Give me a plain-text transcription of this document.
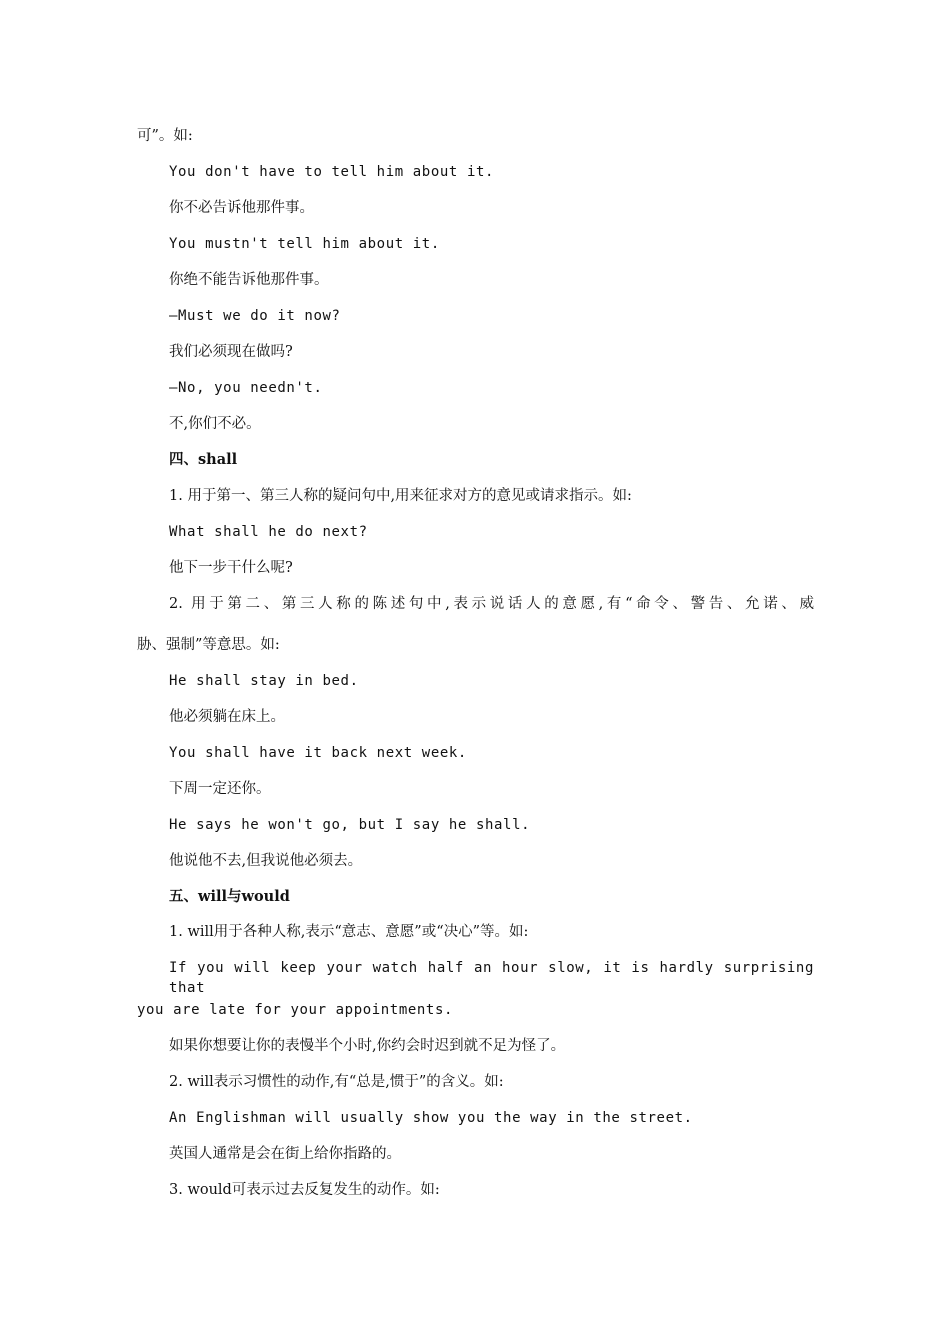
可”。如:
You don't have to tell him about it.
你不必告诉他那件事。
You mustn't tell him about it.
你绝不能告诉他那件事。
—Must we do it now?
我们必须现在做吗?
—No, you needn't.
不,你们不必。
四、shall
1. 用于第一、第三人称的疑问句中,用来征求对方的意见或请求指示。如:
What shall he do next?
他下一步干什么呢?
2. 用于第二、第三人称的陈述句中,表示说话人的意愿,有“命令、警告、允诺、威
胁、强制”等意思。如:
He shall stay in bed.
他必须躺在床上。
You shall have it back next week.
下周一定还你。
He says he won't go, but I say he shall.
他说他不去,但我说他必须去。
五、will与would
1. will用于各种人称,表示“意志、意愿”或“决心”等。如:
If you will keep your watch half an hour slow, it is hardly surprising that
you are late for your appointments.
如果你想要让你的表慢半个小时,你约会时迟到就不足为怪了。
2. will表示习惯性的动作,有“总是,惯于”的含义。如:
An Englishman will usually show you the way in the street.
英国人通常是会在街上给你指路的。
3. would可表示过去反复发生的动作。如:
